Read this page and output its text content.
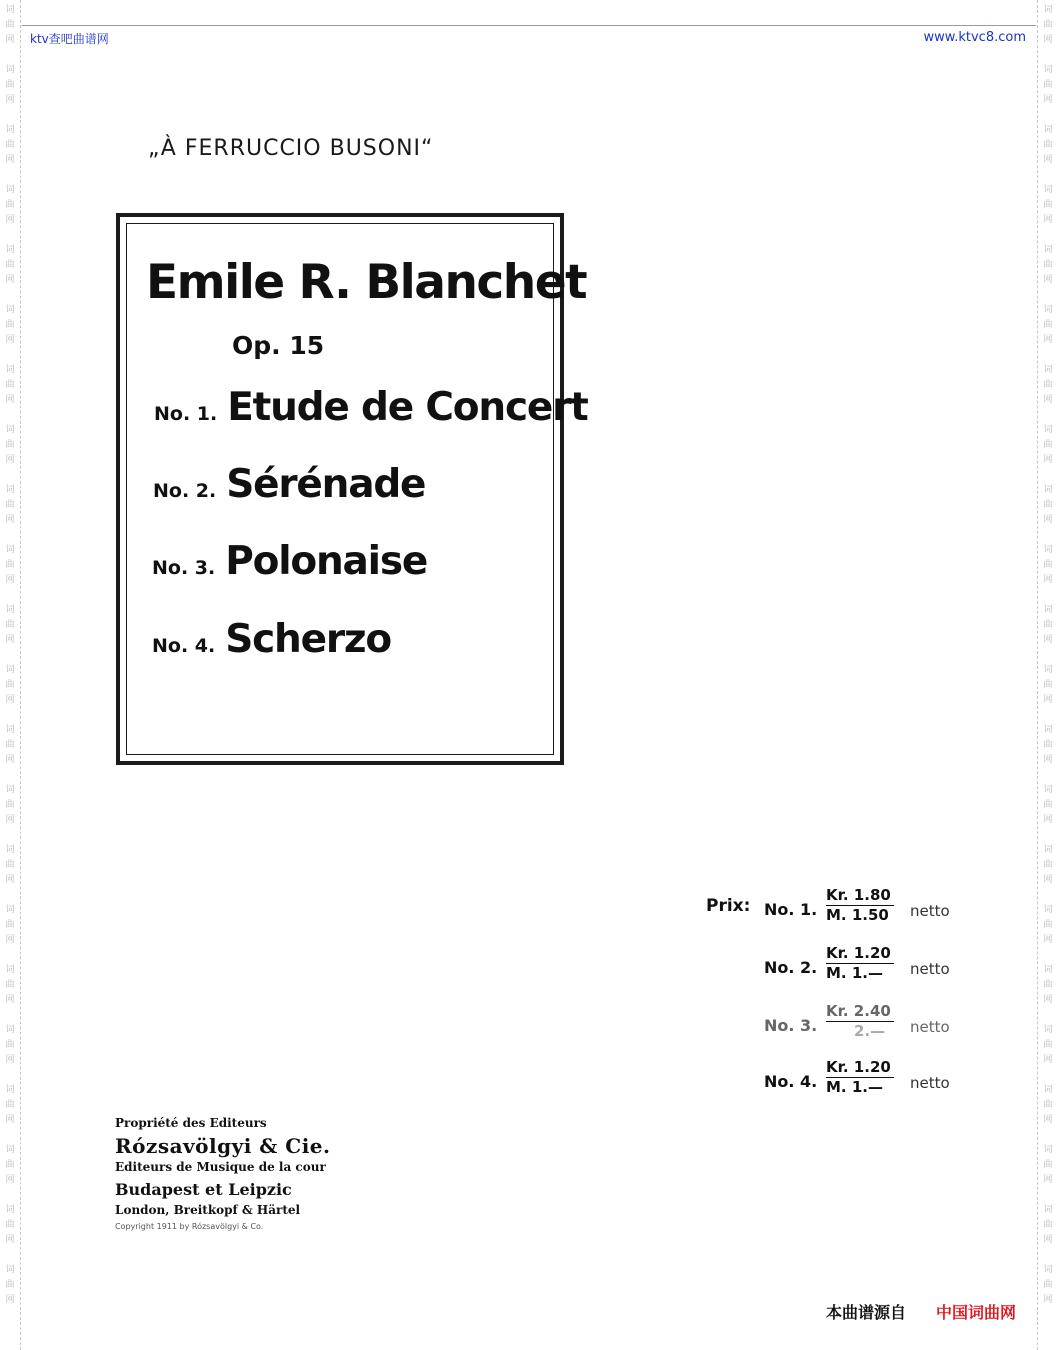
词
曲
网
词
曲
网
词
曲
网
词
曲
网
词
曲
网
词
曲
网
词
曲
网
词
曲
网
词
曲
网
词
曲
网
词
曲
网
词
曲
网
词
曲
网
词
曲
网
词
曲
网
词
曲
网
词
曲
网
词
曲
网
词
曲
网
词
曲
网
词
曲
网
词
曲
网
词
曲
网
词
曲
网
词
曲
网
词
曲
网
词
曲
网
词
曲
网
词
曲
网
词
曲
网
词
曲
网
词
曲
网
词
曲
网
词
曲
网
词
曲
网
词
曲
网
词
曲
网
词
曲
网
词
曲
网
词
曲
网
词
曲
网
词
曲
网
词
曲
网
词
曲
网
ktv查吧曲谱网	www.ktvc8.com
„À FERRUCCIO BUSONI“
Emile R. Blanchet
Op. 15
No. 1. Etude de Concert
No. 2. Sérénade
No. 3. Polonaise
No. 4. Scherzo
Prix: No. 1. $\frac{Kr. 1.80}{M. 1.50}$ netto
No. 2. $\frac{Kr. 1.20}{M. 1.—}$ netto
No. 3. $\frac{Kr. 2.40}{2.—}$ netto
No. 4. $\frac{Kr. 1.20}{M. 1.—}$ netto
Propriété des Editeurs
Rózsavölgyi & Cie.
Editeurs de Musique de la cour
Budapest et Leipzic
London, Breitkopf & Härtel
Copyright 1911 by Rózsavölgyi & Co.
本曲谱源自 中国词曲网
